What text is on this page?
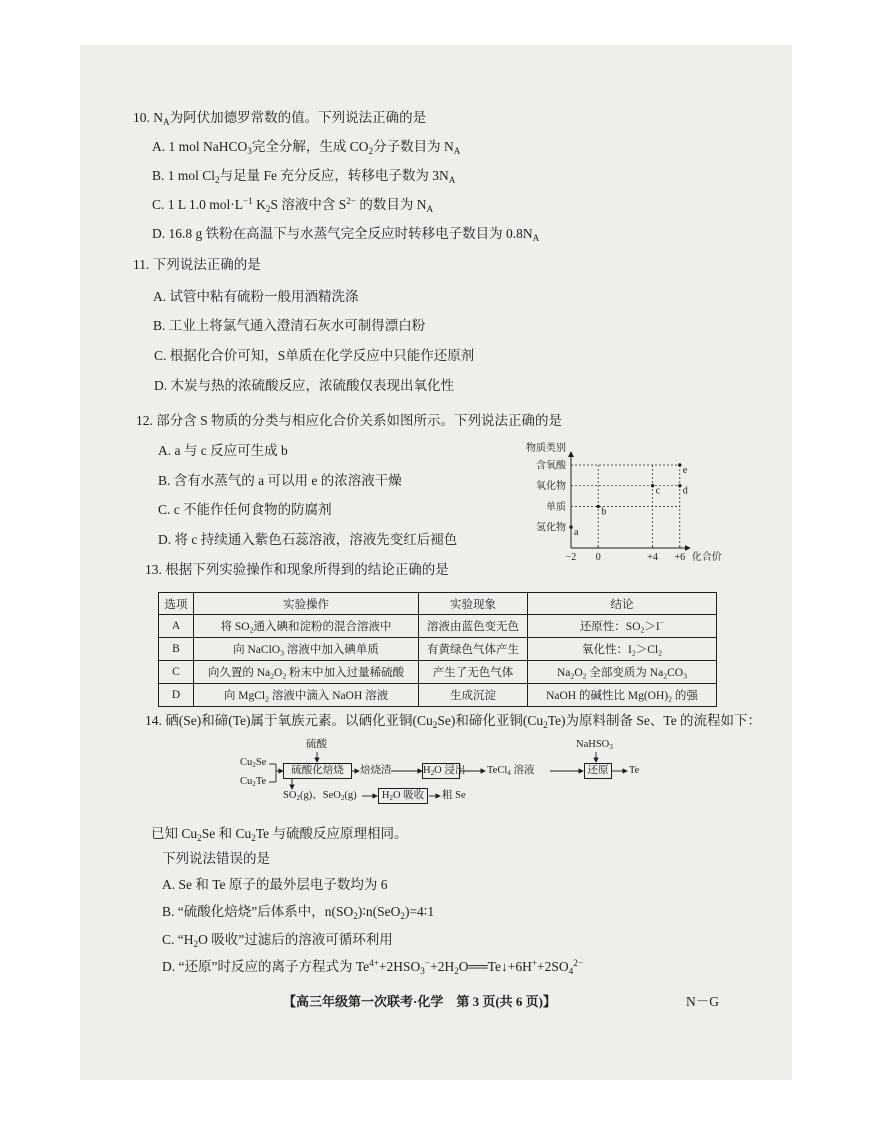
10. $N_A$为阿伏加德罗常数的值。下列说法正确的是
A. 1 mol NaHCO$_3$完全分解，生成 $CO_2$分子数目为 $N_A$
B. 1 mol $Cl_2$与足量 Fe 充分反应，转移电子数为 $3N_A$
C. 1 L 1.0 $mol\cdot L^{-1}$ $K_2S$ 溶液中含 $S^{2-}$ 的数目为 $N_A$
D. 16.8 g 铁粉在高温下与水蒸气完全反应时转移电子数目为 $0.8N_A$
11. 下列说法正确的是
A. 试管中粘有硫粉一般用酒精洗涤
B. 工业上将氯气通入澄清石灰水可制得漂白粉
C. 根据化合价可知，S单质在化学反应中只能作还原剂
D. 木炭与热的浓硫酸反应，浓硫酸仅表现出氧化性
12. 部分含 S 物质的分类与相应化合价关系如图所示。下列说法正确的是
A. a 与 c 反应可生成 b
B. 含有水蒸气的 a 可以用 e 的浓溶液干燥
C. c 不能作任何食物的防腐剂
D. 将 c 持续通入紫色石蕊溶液，溶液先变红后褪色
物质类别
化合价
氢化物
单质
氧化物
含氧酸
−2 0	+4 +6
a
b
c d
e
13. 根据下列实验操作和现象所得到的结论正确的是
选项	实验操作	实验现象	结论
A	将 $SO_2$通入碘和淀粉的混合溶液中	溶液由蓝色变无色	还原性：$SO_2>I^-$
B	向 NaClO$_3$ 溶液中加入碘单质	有黄绿色气体产生	氧化性：$I_2>Cl_2$
C	向久置的 $Na_2O_2$ 粉末中加入过量稀硫酸	产生了无色气体	$Na_2O_2$ 全部变质为 $Na_2CO_3$
D	向 MgCl$_2$ 溶液中滴入 NaOH 溶液	生成沉淀	NaOH 的碱性比 $Mg(OH)_2$ 的强
14. 硒(Se)和碲(Te)属于氧族元素。以硒化亚铜$(Cu_2Se)$和碲化亚铜$(Cu_2Te)$为原料制备 Se、Te 的流程如下：
硫酸
$Cu_2Se$
$Cu_2Te$
硫酸化焙烧	焙烧渣	$H_2O$ 浸出 TeCl$_4$ 溶液
NaHSO$_3$
还原	Te
$SO_2(g)$、SeO$_2$(g)	$H_2O$ 吸收	粗 Se
已知 $Cu_2Se$ 和 $Cu_2Te$ 与硫酸反应原理相同。
下列说法错误的是
A. Se 和 Te 原子的最外层电子数均为 6
B. “硫酸化焙烧”后体系中，$n(SO_2)∶n(SeO_2)=4∶1$
C. “$H_2O$ 吸收”过滤后的溶液可循环利用
D. “还原”时反应的离子方程式为 $Te^{4+}+2HSO_3^-+2H_2O══Te↓+6H^++2SO_4^{2-}$
【高三年级第一次联考·化学　第 3 页(共 6 页)】	N－G
